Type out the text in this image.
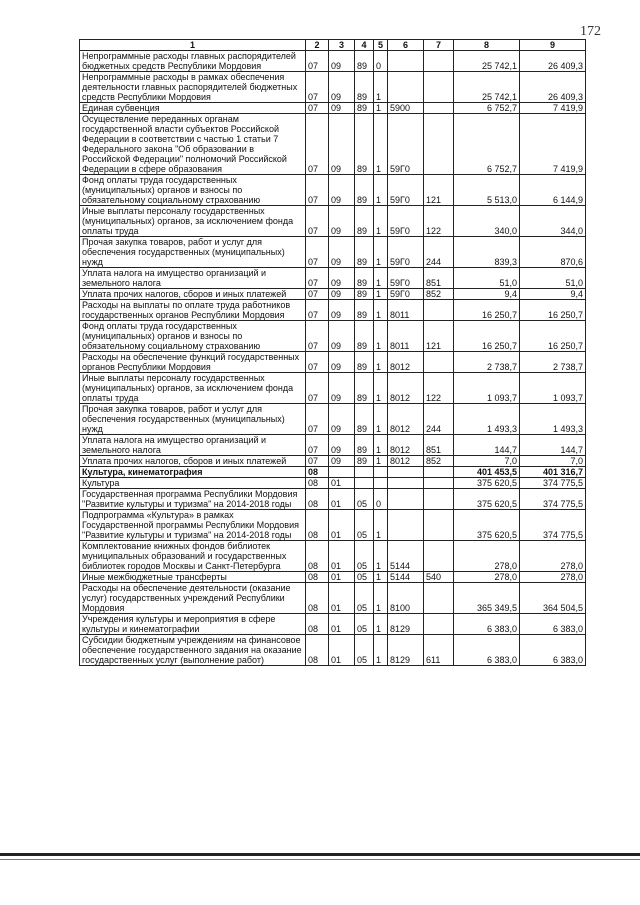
172
1	2	3	4	5	6	7	8	9
Непрограммные расходы главных распорядителей бюджетных средств Республики Мордовия	07	09	89	0			25 742,1	26 409,3
Непрограммные расходы в рамках обеспечения деятельности главных распорядителей бюджетных средств Республики Мордовия	07	09	89	1			25 742,1	26 409,3
Единая субвенция	07	09	89	1	5900		6 752,7	7 419,9
Осуществление переданных органам государственной власти субъектов Российской Федерации в соответствии с частью 1 статьи 7 Федерального закона "Об образовании в Российской Федерации" полномочий Российской Федерации в сфере образования	07	09	89	1	59Г0		6 752,7	7 419,9
Фонд оплаты труда государственных (муниципальных) органов и взносы по обязательному социальному страхованию	07	09	89	1	59Г0	121	5 513,0	6 144,9
Иные выплаты персоналу государственных (муниципальных) органов, за исключением фонда оплаты труда	07	09	89	1	59Г0	122	340,0	344,0
Прочая закупка товаров, работ и услуг для обеспечения государственных (муниципальных) нужд	07	09	89	1	59Г0	244	839,3	870,6
Уплата налога на имущество организаций и земельного налога	07	09	89	1	59Г0	851	51,0	51,0
Уплата прочих налогов, сборов и иных платежей	07	09	89	1	59Г0	852	9,4	9,4
Расходы на выплаты по оплате труда работников государственных органов Республики Мордовия	07	09	89	1	8011		16 250,7	16 250,7
Фонд оплаты труда государственных (муниципальных) органов и взносы по обязательному социальному страхованию	07	09	89	1	8011	121	16 250,7	16 250,7
Расходы на обеспечение функций государственных органов Республики Мордовия	07	09	89	1	8012		2 738,7	2 738,7
Иные выплаты персоналу государственных (муниципальных) органов, за исключением фонда оплаты труда	07	09	89	1	8012	122	1 093,7	1 093,7
Прочая закупка товаров, работ и услуг для обеспечения государственных (муниципальных) нужд	07	09	89	1	8012	244	1 493,3	1 493,3
Уплата налога на имущество организаций и земельного налога	07	09	89	1	8012	851	144,7	144,7
Уплата прочих налогов, сборов и иных платежей	07	09	89	1	8012	852	7,0	7,0
Культура, кинематография	08						401 453,5	401 316,7
Культура	08	01					375 620,5	374 775,5
Государственная программа Республики Мордовия "Развитие культуры и туризма" на 2014-2018 годы	08	01	05	0			375 620,5	374 775,5
Подпрограмма «Культура» в рамках Государственной программы Республики Мордовия "Развитие культуры и туризма" на 2014-2018 годы	08	01	05	1			375 620,5	374 775,5
Комплектование книжных фондов библиотек муниципальных образований и государственных библиотек городов Москвы и Санкт-Петербурга	08	01	05	1	5144		278,0	278,0
Иные межбюджетные трансферты	08	01	05	1	5144	540	278,0	278,0
Расходы на обеспечение деятельности (оказание услуг) государственных учреждений Республики Мордовия	08	01	05	1	8100		365 349,5	364 504,5
Учреждения культуры и мероприятия в сфере культуры и кинематографии	08	01	05	1	8129		6 383,0	6 383,0
Субсидии бюджетным учреждениям на финансовое обеспечение государственного задания на оказание государственных услуг (выполнение работ)	08	01	05	1	8129	611	6 383,0	6 383,0
